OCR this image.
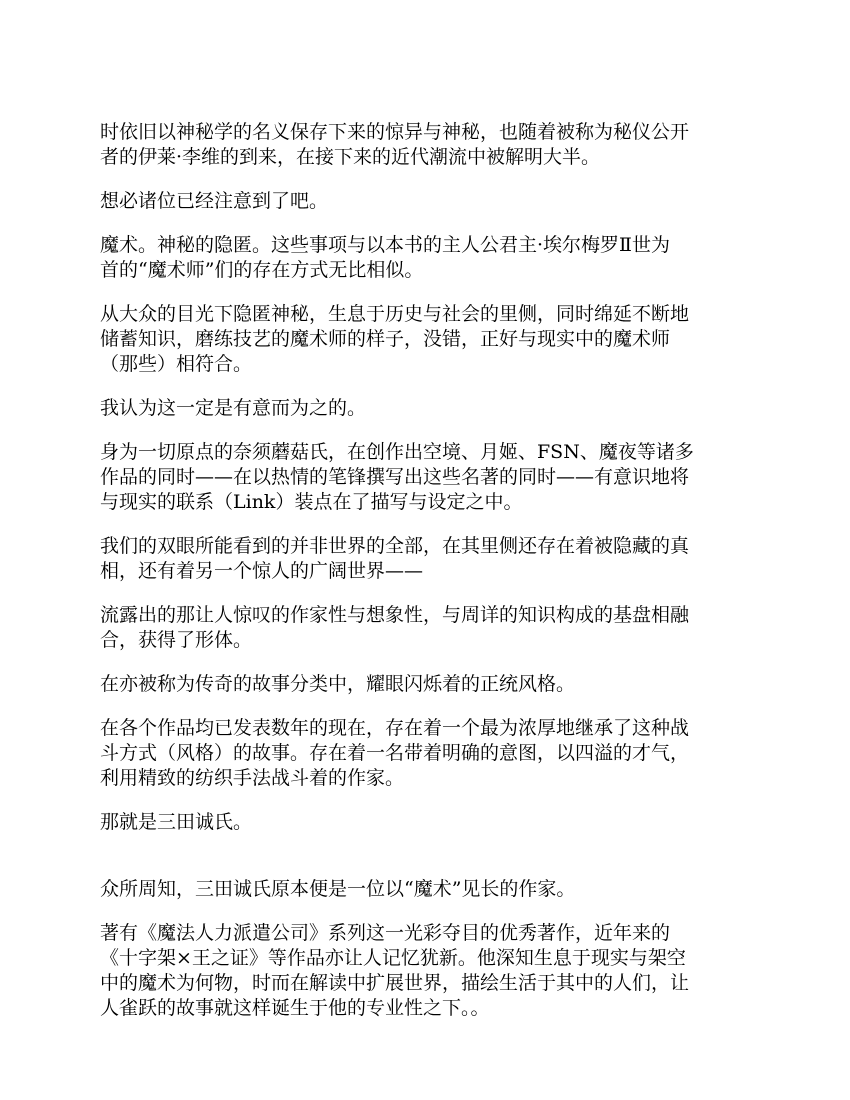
时依旧以神秘学的名义保存下来的惊异与神秘，也随着被称为秘仪公开
者的伊莱·李维的到来，在接下来的近代潮流中被解明大半。
想必诸位已经注意到了吧。
魔术。神秘的隐匿。这些事项与以本书的主人公君主·埃尔梅罗Ⅱ世为
首的“魔术师”们的存在方式无比相似。
从大众的目光下隐匿神秘，生息于历史与社会的里侧，同时绵延不断地
储蓄知识，磨练技艺的魔术师的样子，没错，正好与现实中的魔术师
（那些）相符合。
我认为这一定是有意而为之的。
身为一切原点的奈须蘑菇氏，在创作出空境、月姬、FSN、魔夜等诸多
作品的同时——在以热情的笔锋撰写出这些名著的同时——有意识地将
与现实的联系（Link）装点在了描写与设定之中。
我们的双眼所能看到的并非世界的全部，在其里侧还存在着被隐藏的真
相，还有着另一个惊人的广阔世界——
流露出的那让人惊叹的作家性与想象性，与周详的知识构成的基盘相融
合，获得了形体。
在亦被称为传奇的故事分类中，耀眼闪烁着的正统风格。
在各个作品均已发表数年的现在，存在着一个最为浓厚地继承了这种战
斗方式（风格）的故事。存在着一名带着明确的意图，以四溢的才气，
利用精致的纺织手法战斗着的作家。
那就是三田诚氏。
众所周知，三田诚氏原本便是一位以“魔术”见长的作家。
著有《魔法人力派遣公司》系列这一光彩夺目的优秀著作，近年来的
《十字架×王之证》等作品亦让人记忆犹新。他深知生息于现实与架空
中的魔术为何物，时而在解读中扩展世界，描绘生活于其中的人们，让
人雀跃的故事就这样诞生于他的专业性之下。。
